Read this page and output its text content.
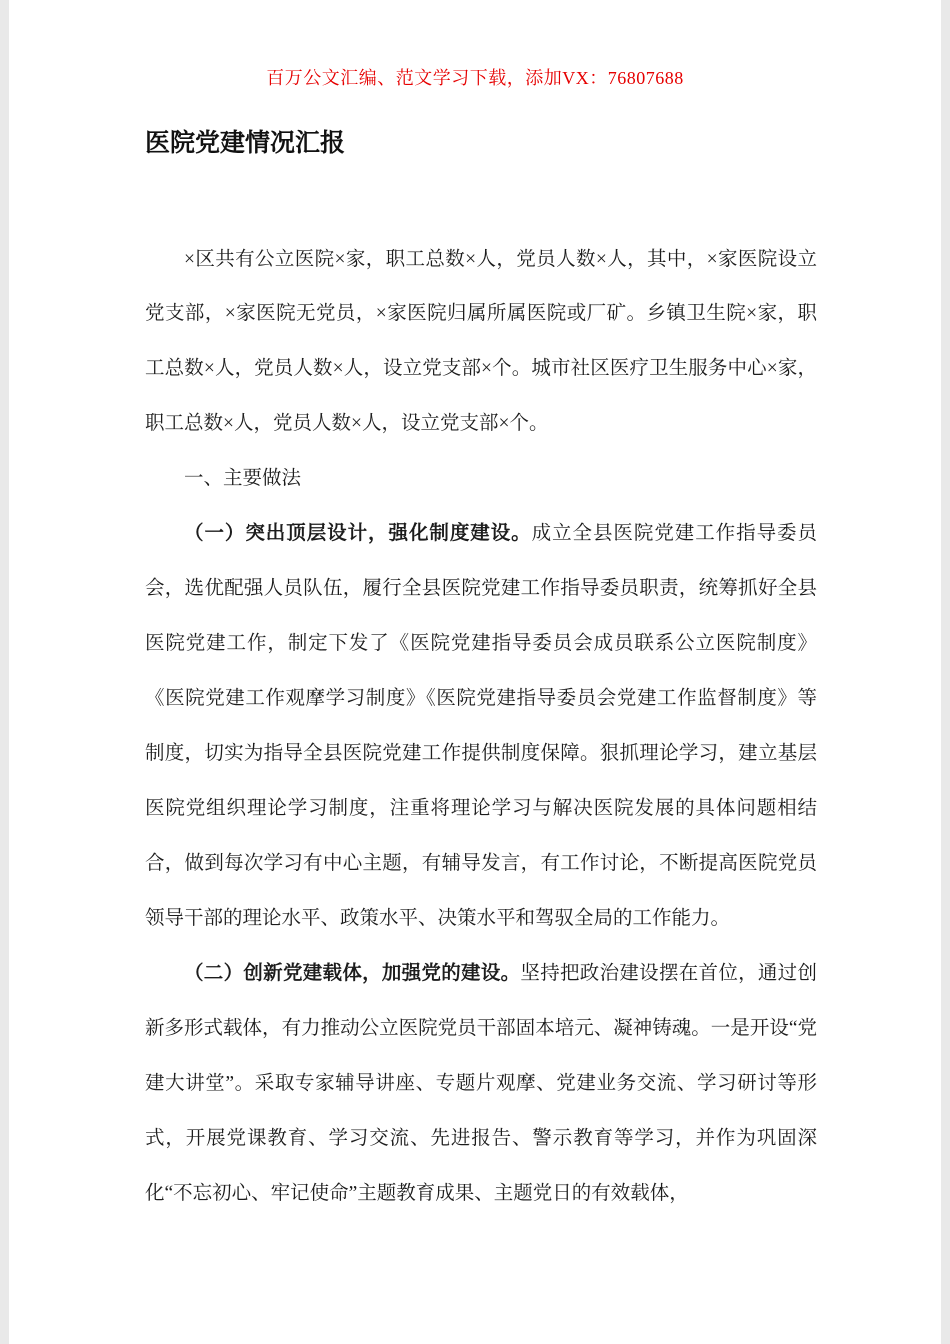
百万公文汇编、范文学习下载，添加VX：76807688
医院党建情况汇报

×区共有公立医院×家，职工总数×人，党员人数×人，其中，×家医院设立党支部，×家医院无党员，×家医院归属所属医院或厂矿。乡镇卫生院×家，职工总数×人，党员人数×人，设立党支部×个。城市社区医疗卫生服务中心×家，职工总数×人，党员人数×人，设立党支部×个。

一、主要做法

（一）突出顶层设计，强化制度建设。成立全县医院党建工作指导委员会，选优配强人员队伍，履行全县医院党建工作指导委员职责，统筹抓好全县医院党建工作，制定下发了《医院党建指导委员会成员联系公立医院制度》《医院党建工作观摩学习制度》《医院党建指导委员会党建工作监督制度》等制度，切实为指导全县医院党建工作提供制度保障。狠抓理论学习，建立基层医院党组织理论学习制度，注重将理论学习与解决医院发展的具体问题相结合，做到每次学习有中心主题，有辅导发言，有工作讨论，不断提高医院党员领导干部的理论水平、政策水平、决策水平和驾驭全局的工作能力。

（二）创新党建载体，加强党的建设。坚持把政治建设摆在首位，通过创新多形式载体，有力推动公立医院党员干部固本培元、凝神铸魂。一是开设“党建大讲堂”。采取专家辅导讲座、专题片观摩、党建业务交流、学习研讨等形式，开展党课教育、学习交流、先进报告、警示教育等学习，并作为巩固深化“不忘初心、牢记使命”主题教育成果、主题党日的有效载体，
